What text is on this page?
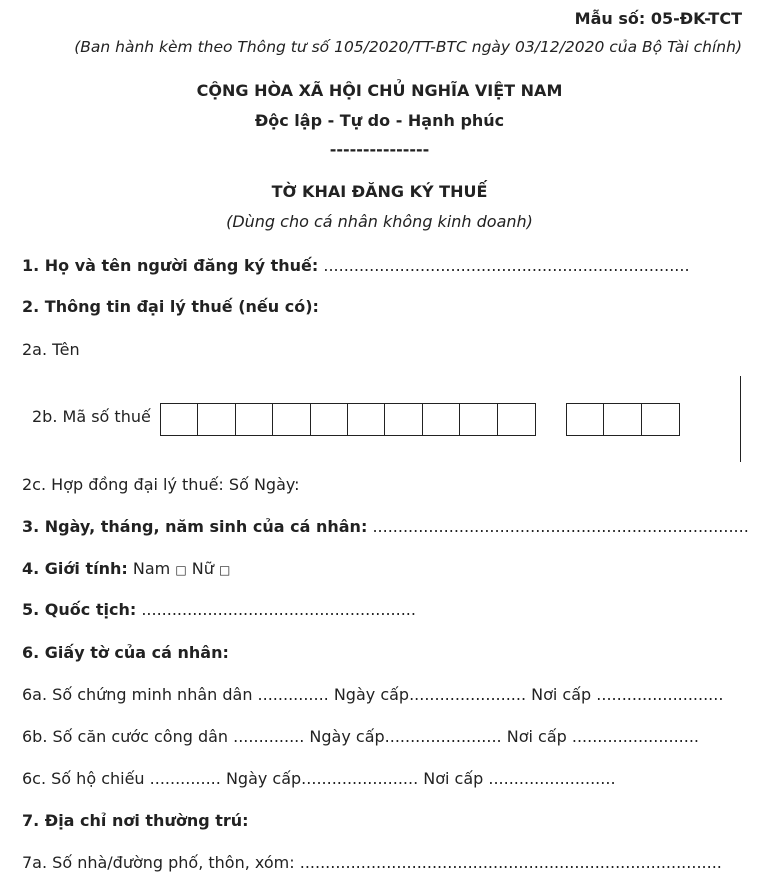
Mẫu số: 05-ĐK-TCT
(Ban hành kèm theo Thông tư số 105/2020/TT-BTC ngày 03/12/2020 của Bộ Tài chính)
CỘNG HÒA XÃ HỘI CHỦ NGHĨA VIỆT NAM
Độc lập - Tự do - Hạnh phúc
---------------
TỜ KHAI ĐĂNG KÝ THUẾ
(Dùng cho cá nhân không kinh doanh)
1. Họ và tên người đăng ký thuế: ........................................................................
2. Thông tin đại lý thuế (nếu có):
2a. Tên
2b. Mã số thuế
2c. Hợp đồng đại lý thuế: Số Ngày:
3. Ngày, tháng, năm sinh của cá nhân: ..........................................................................
4. Giới tính: Nam □ Nữ □
5. Quốc tịch: ......................................................
6. Giấy tờ của cá nhân:
6a. Số chứng minh nhân dân .............. Ngày cấp....................... Nơi cấp .........................
6b. Số căn cước công dân .............. Ngày cấp....................... Nơi cấp .........................
6c. Số hộ chiếu .............. Ngày cấp....................... Nơi cấp .........................
7. Địa chỉ nơi thường trú:
7a. Số nhà/đường phố, thôn, xóm: ...................................................................................
